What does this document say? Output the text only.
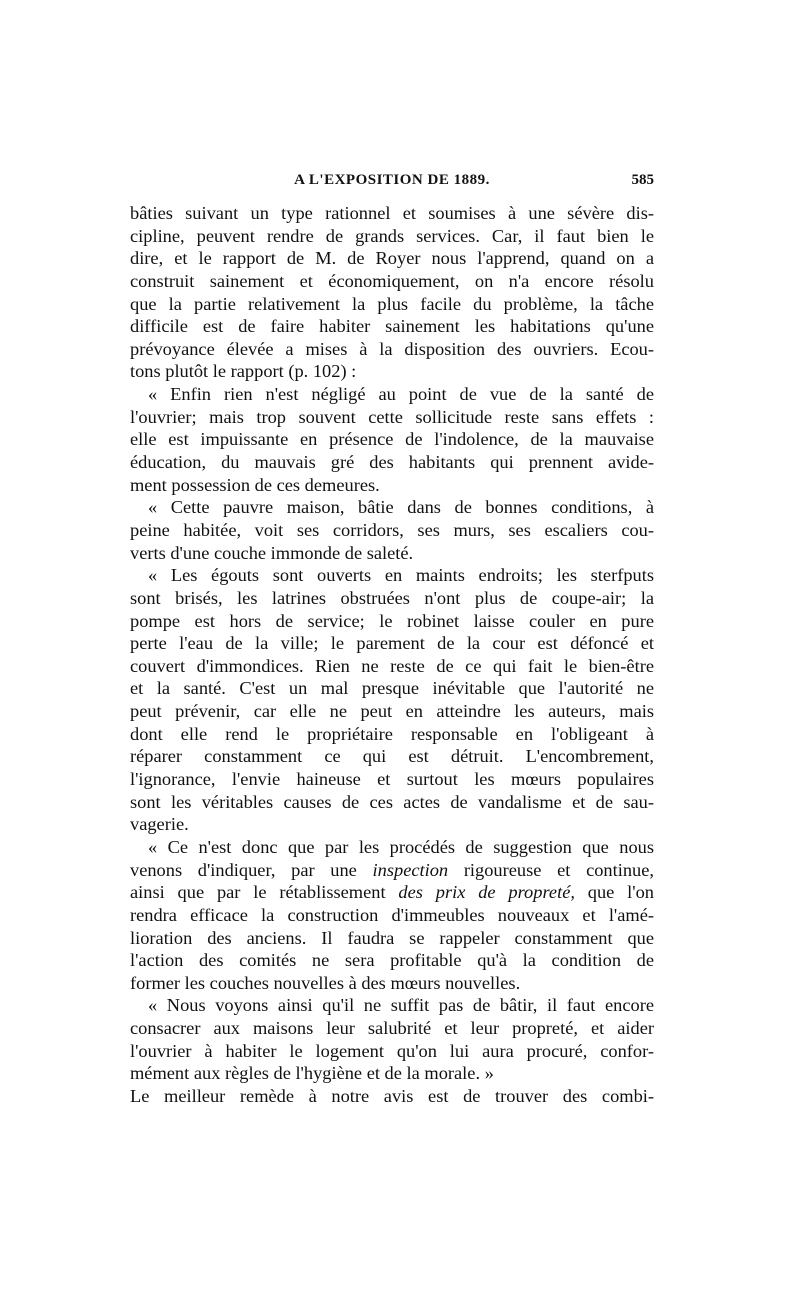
A L'EXPOSITION DE 1889.	585
bâties suivant un type rationnel et soumises à une sévère dis-
cipline, peuvent rendre de grands services. Car, il faut bien le
dire, et le rapport de M. de Royer nous l'apprend, quand on a
construit sainement et économiquement, on n'a encore résolu
que la partie relativement la plus facile du problème, la tâche
difficile est de faire habiter sainement les habitations qu'une
prévoyance élevée a mises à la disposition des ouvriers. Ecou-
tons plutôt le rapport (p. 102) :
« Enfin rien n'est négligé au point de vue de la santé de
l'ouvrier; mais trop souvent cette sollicitude reste sans effets :
elle est impuissante en présence de l'indolence, de la mauvaise
éducation, du mauvais gré des habitants qui prennent avide-
ment possession de ces demeures.
« Cette pauvre maison, bâtie dans de bonnes conditions, à
peine habitée, voit ses corridors, ses murs, ses escaliers cou-
verts d'une couche immonde de saleté.
« Les égouts sont ouverts en maints endroits; les sterfputs
sont brisés, les latrines obstruées n'ont plus de coupe-air; la
pompe est hors de service; le robinet laisse couler en pure
perte l'eau de la ville; le parement de la cour est défoncé et
couvert d'immondices. Rien ne reste de ce qui fait le bien-être
et la santé. C'est un mal presque inévitable que l'autorité ne
peut prévenir, car elle ne peut en atteindre les auteurs, mais
dont elle rend le propriétaire responsable en l'obligeant à
réparer constamment ce qui est détruit. L'encombrement,
l'ignorance, l'envie haineuse et surtout les mœurs populaires
sont les véritables causes de ces actes de vandalisme et de sau-
vagerie.
« Ce n'est donc que par les procédés de suggestion que nous
venons d'indiquer, par une inspection rigoureuse et continue,
ainsi que par le rétablissement des prix de propreté, que l'on
rendra efficace la construction d'immeubles nouveaux et l'amé-
lioration des anciens. Il faudra se rappeler constamment que
l'action des comités ne sera profitable qu'à la condition de
former les couches nouvelles à des mœurs nouvelles.
« Nous voyons ainsi qu'il ne suffit pas de bâtir, il faut encore
consacrer aux maisons leur salubrité et leur propreté, et aider
l'ouvrier à habiter le logement qu'on lui aura procuré, confor-
mément aux règles de l'hygiène et de la morale. »
Le meilleur remède à notre avis est de trouver des combi-
